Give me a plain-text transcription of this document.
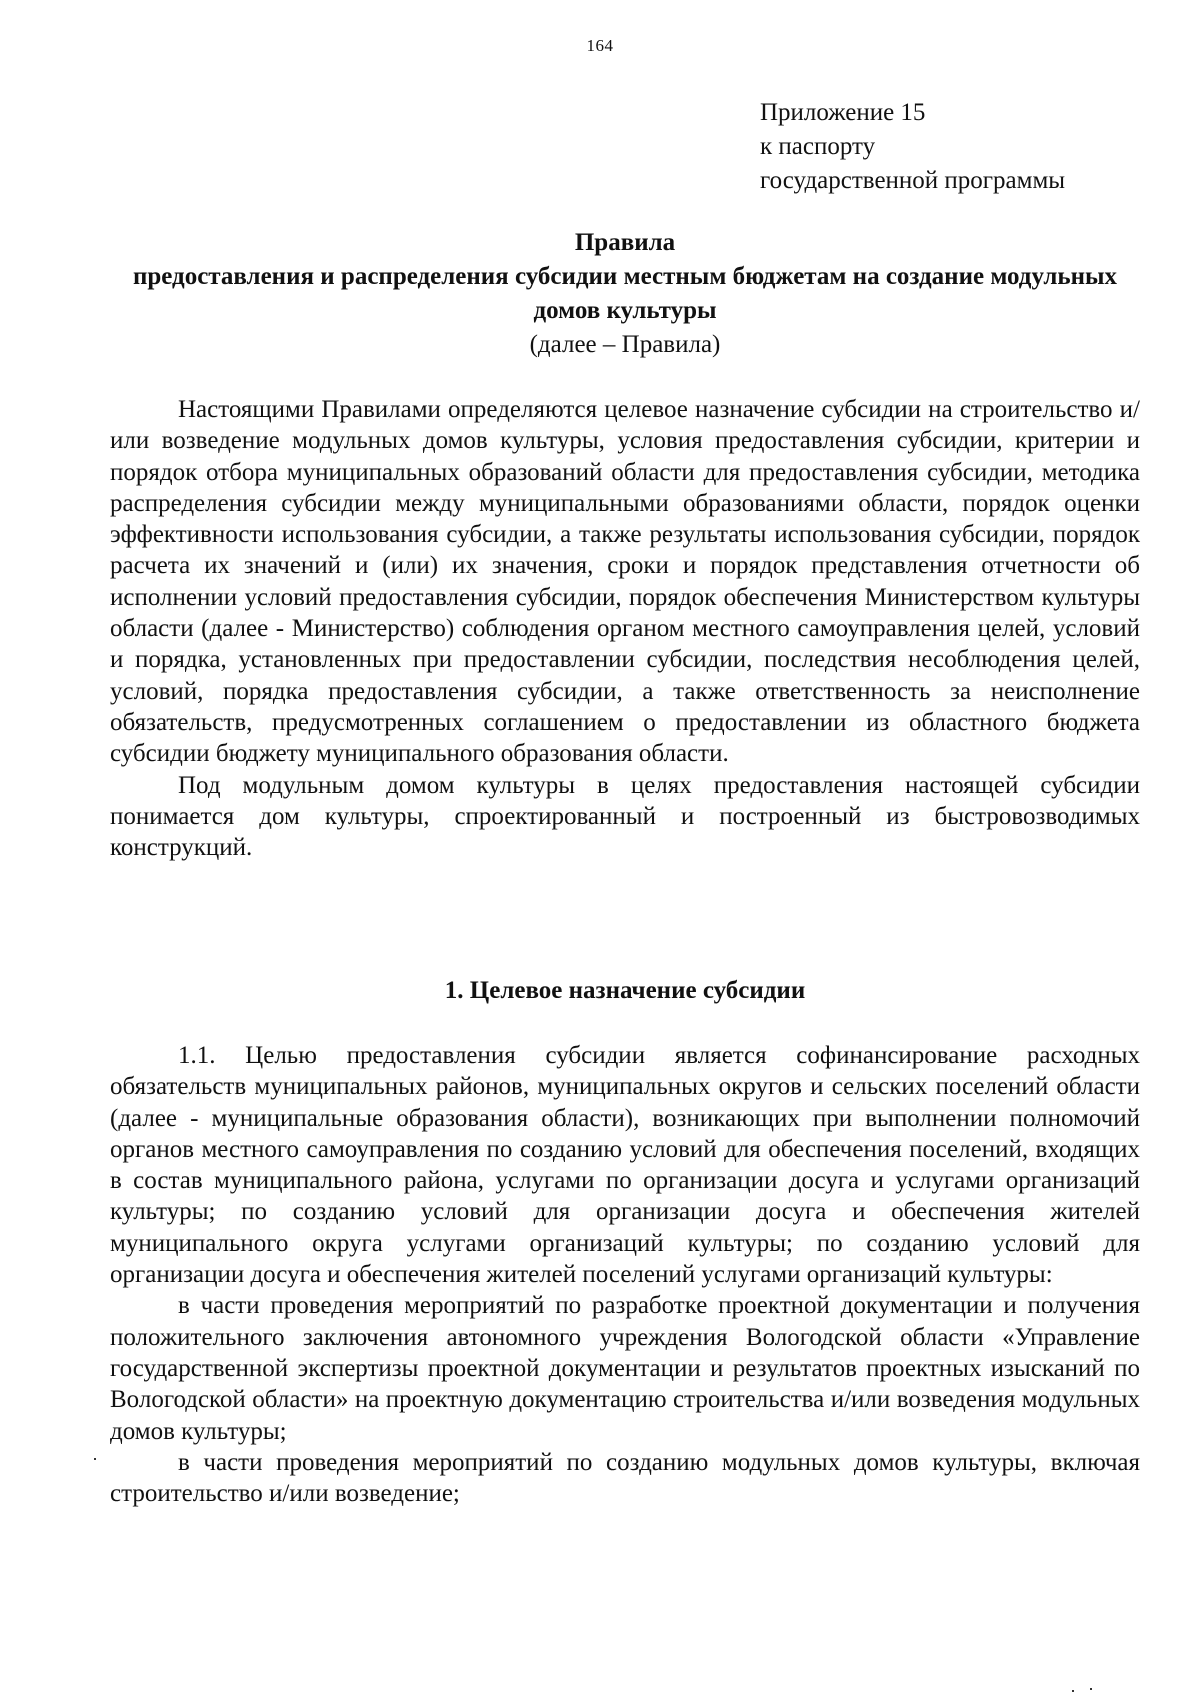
164
Приложение 15
к паспорту
государственной программы
Правила
предоставления и распределения субсидии местным бюджетам на создание модульных домов культуры
(далее – Правила)

Настоящими Правилами определяются целевое назначение субсидии на строительство и/или возведение модульных домов культуры, условия предоставления субсидии, критерии и порядок отбора муниципальных образований области для предоставления субсидии, методика распределения субсидии между муниципальными образованиями области, порядок оценки эффективности использования субсидии, а также результаты использования субсидии, порядок расчета их значений и (или) их значения, сроки и порядок представления отчетности об исполнении условий предоставления субсидии, порядок обеспечения Министерством культуры области (далее - Министерство) соблюдения органом местного самоуправления целей, условий и порядка, установленных при предоставлении субсидии, последствия несоблюдения целей, условий, порядка предоставления субсидии, а также ответственность за неисполнение обязательств, предусмотренных соглашением о предоставлении из областного бюджета субсидии бюджету муниципального образования области.

Под модульным домом культуры в целях предоставления настоящей субсидии понимается дом культуры, спроектированный и построенный из быстровозводимых конструкций.

1. Целевое назначение субсидии

1.1. Целью предоставления субсидии является софинансирование расходных обязательств муниципальных районов, муниципальных округов и сельских поселений области (далее - муниципальные образования области), возникающих при выполнении полномочий органов местного самоуправления по созданию условий для обеспечения поселений, входящих в состав муниципального района, услугами по организации досуга и услугами организаций культуры; по созданию условий для организации досуга и обеспечения жителей муниципального округа услугами организаций культуры; по созданию условий для организации досуга и обеспечения жителей поселений услугами организаций культуры:

в части проведения мероприятий по разработке проектной документации и получения положительного заключения автономного учреждения Вологодской области «Управление государственной экспертизы проектной документации и результатов проектных изысканий по Вологодской области» на проектную документацию строительства и/или возведения модульных домов культуры;

в части проведения мероприятий по созданию модульных домов культуры, включая строительство и/или возведение;
